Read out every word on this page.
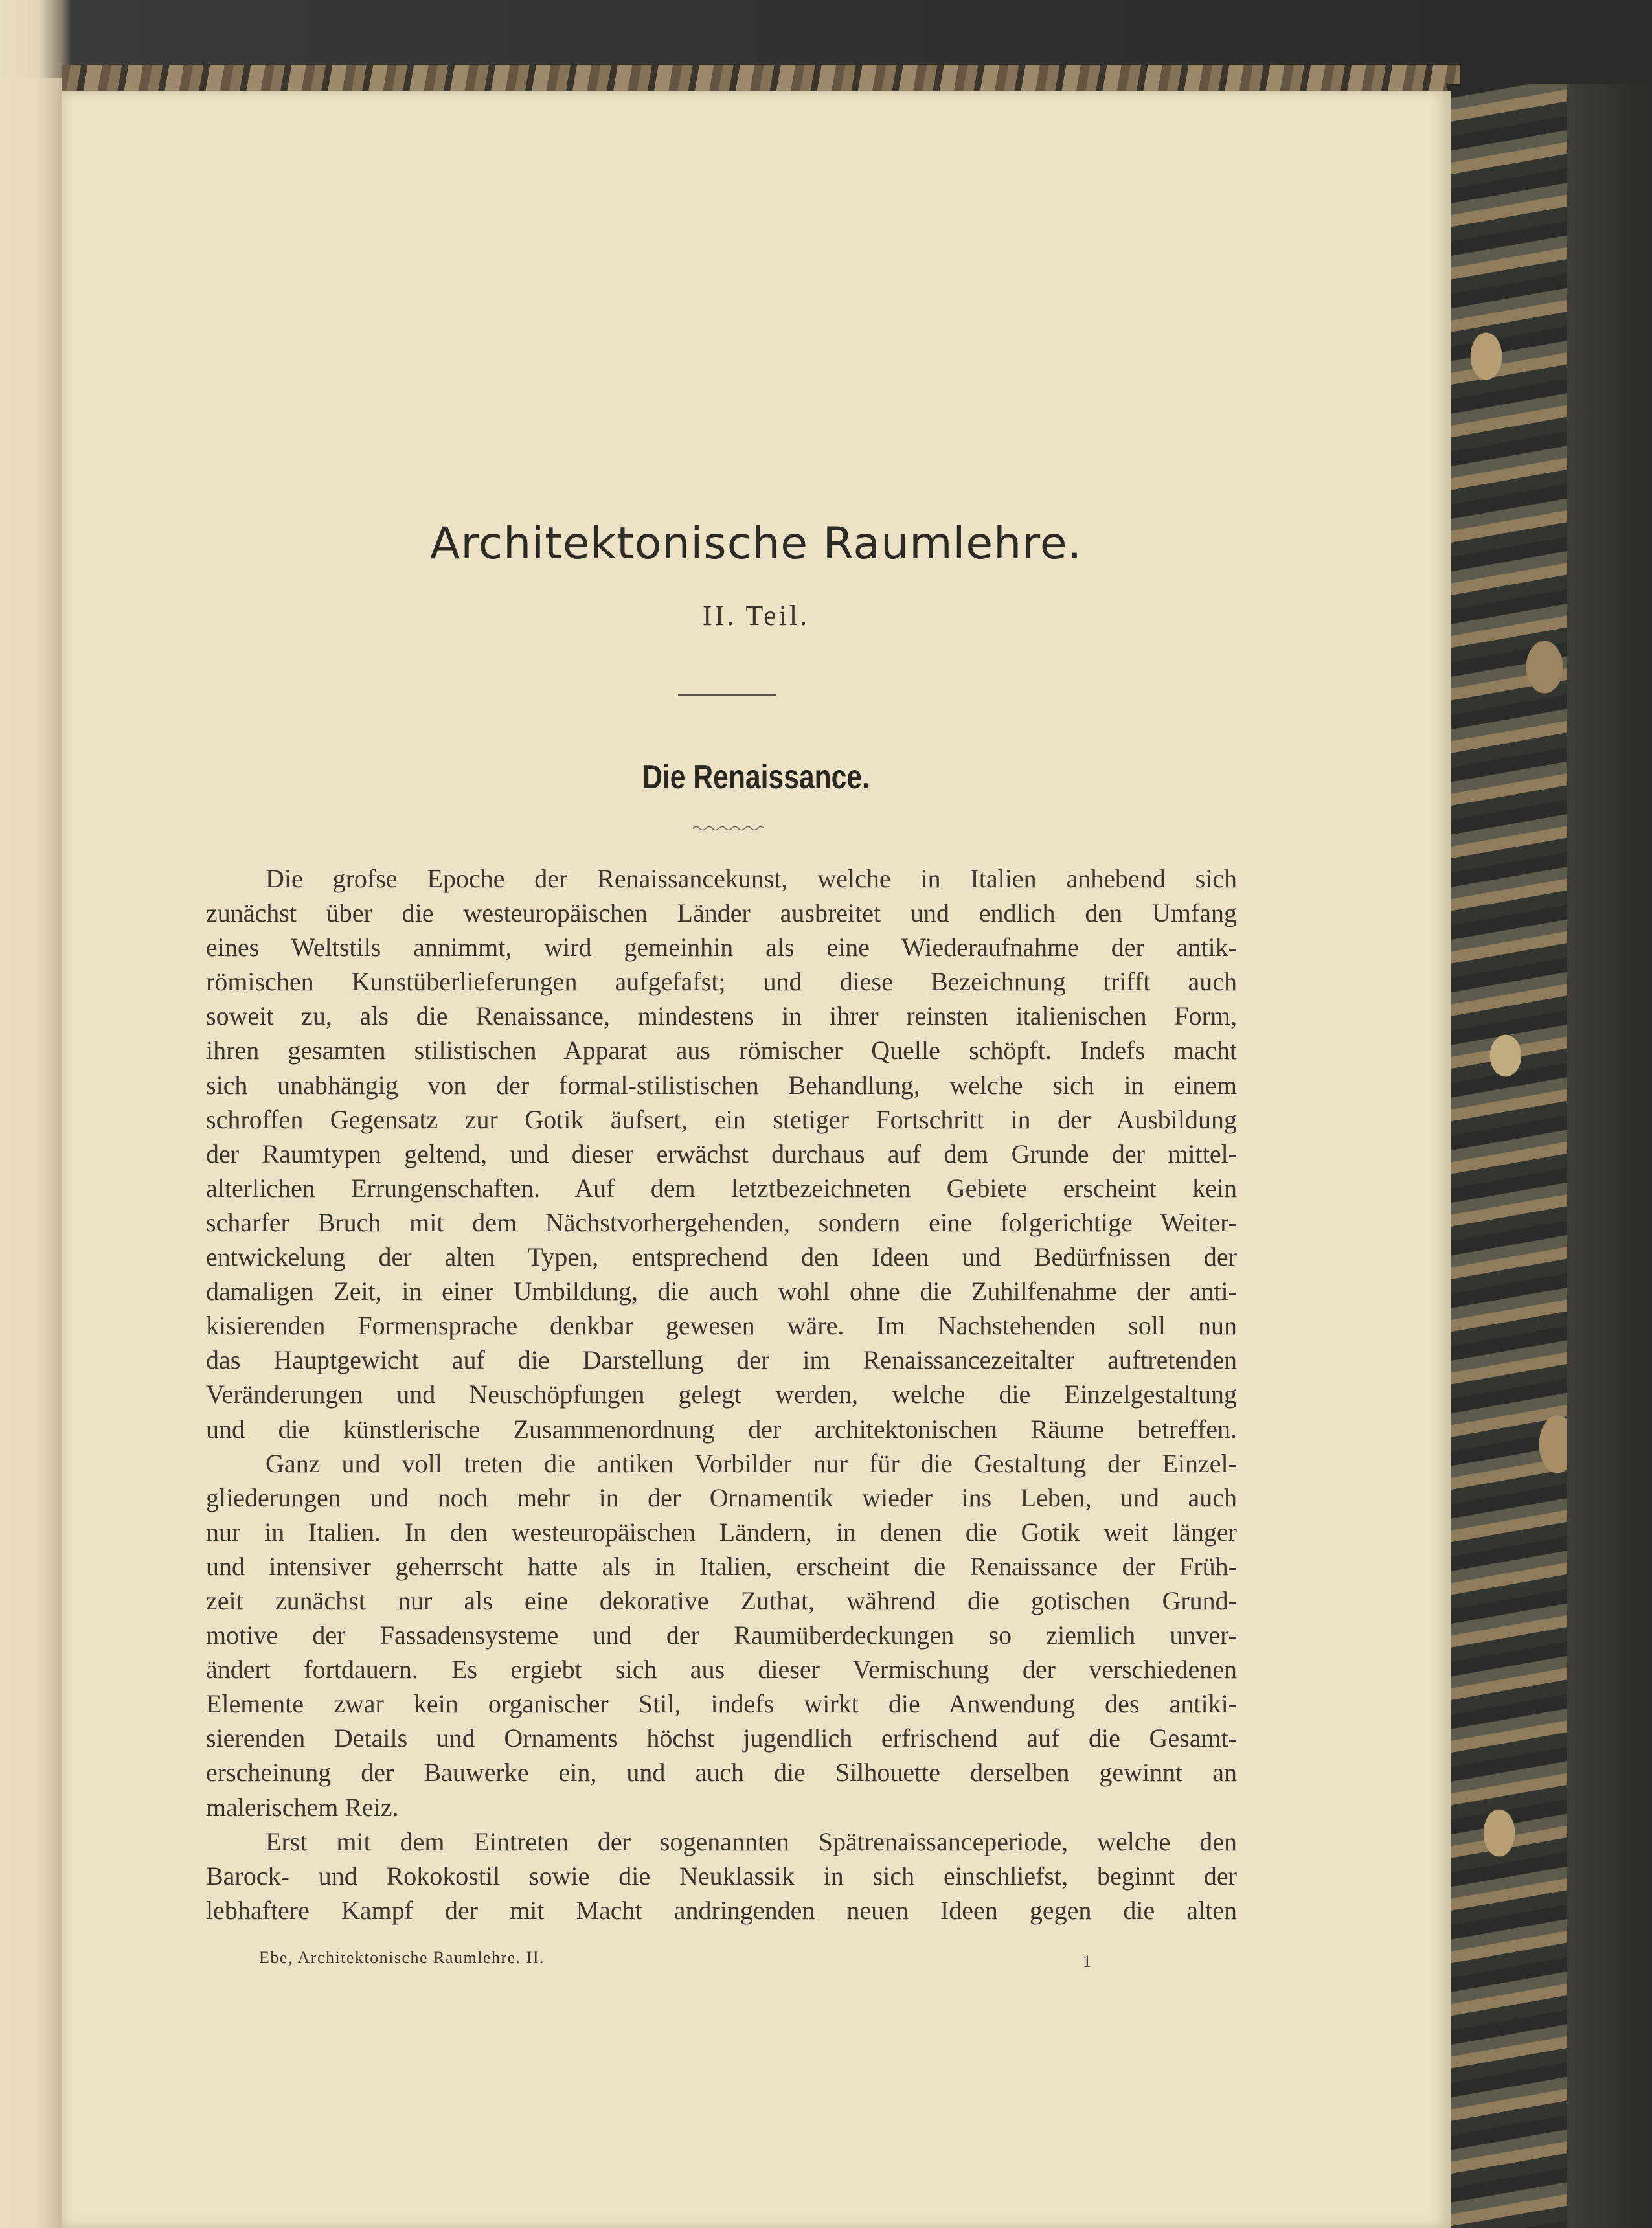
Architektonische Raumlehre.
II. Teil.
Die Renaissance.
Die grofse Epoche der Renaissancekunst, welche in Italien anhebend sich
zunächst über die westeuropäischen Länder ausbreitet und endlich den Umfang
eines Weltstils annimmt, wird gemeinhin als eine Wiederaufnahme der antik-
römischen Kunstüberlieferungen aufgefafst; und diese Bezeichnung trifft auch
soweit zu, als die Renaissance, mindestens in ihrer reinsten italienischen Form,
ihren gesamten stilistischen Apparat aus römischer Quelle schöpft. Indefs macht
sich unabhängig von der formal-stilistischen Behandlung, welche sich in einem
schroffen Gegensatz zur Gotik äufsert, ein stetiger Fortschritt in der Ausbildung
der Raumtypen geltend, und dieser erwächst durchaus auf dem Grunde der mittel-
alterlichen Errungenschaften. Auf dem letztbezeichneten Gebiete erscheint kein
scharfer Bruch mit dem Nächstvorhergehenden, sondern eine folgerichtige Weiter-
entwickelung der alten Typen, entsprechend den Ideen und Bedürfnissen der
damaligen Zeit, in einer Umbildung, die auch wohl ohne die Zuhilfenahme der anti-
kisierenden Formensprache denkbar gewesen wäre. Im Nachstehenden soll nun
das Hauptgewicht auf die Darstellung der im Renaissancezeitalter auftretenden
Veränderungen und Neuschöpfungen gelegt werden, welche die Einzelgestaltung
und die künstlerische Zusammenordnung der architektonischen Räume betreffen.
Ganz und voll treten die antiken Vorbilder nur für die Gestaltung der Einzel-
gliederungen und noch mehr in der Ornamentik wieder ins Leben, und auch
nur in Italien. In den westeuropäischen Ländern, in denen die Gotik weit länger
und intensiver geherrscht hatte als in Italien, erscheint die Renaissance der Früh-
zeit zunächst nur als eine dekorative Zuthat, während die gotischen Grund-
motive der Fassadensysteme und der Raumüberdeckungen so ziemlich unver-
ändert fortdauern. Es ergiebt sich aus dieser Vermischung der verschiedenen
Elemente zwar kein organischer Stil, indefs wirkt die Anwendung des antiki-
sierenden Details und Ornaments höchst jugendlich erfrischend auf die Gesamt-
erscheinung der Bauwerke ein, und auch die Silhouette derselben gewinnt an
malerischem Reiz.
Erst mit dem Eintreten der sogenannten Spätrenaissanceperiode, welche den
Barock- und Rokokostil sowie die Neuklassik in sich einschliefst, beginnt der
lebhaftere Kampf der mit Macht andringenden neuen Ideen gegen die alten
Ebe, Architektonische Raumlehre. II.	1
